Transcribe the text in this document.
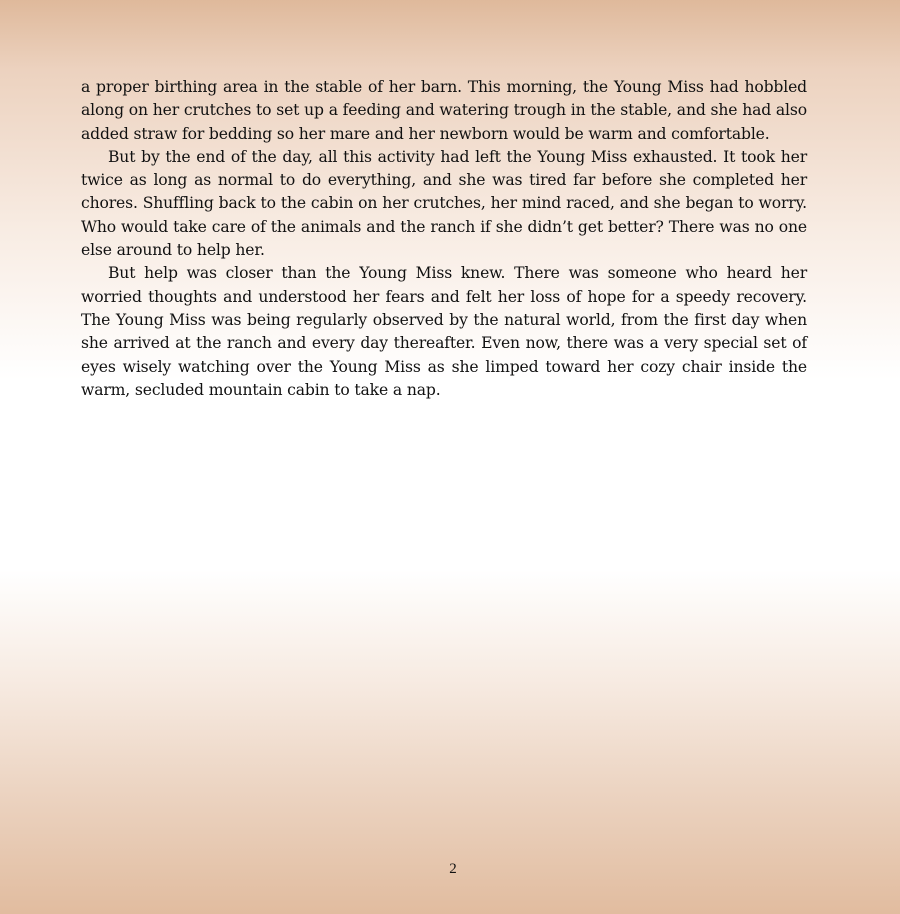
a proper birthing area in the stable of her barn. This morning, the Young Miss had hobbled along on her crutches to set up a feeding and watering trough in the stable, and she had also added straw for bedding so her mare and her newborn would be warm and comfortable.

But by the end of the day, all this activity had left the Young Miss exhausted. It took her twice as long as normal to do everything, and she was tired far before she completed her chores. Shuffling back to the cabin on her crutches, her mind raced, and she began to worry. Who would take care of the animals and the ranch if she didn’t get better? There was no one else around to help her.

But help was closer than the Young Miss knew. There was someone who heard her worried thoughts and understood her fears and felt her loss of hope for a speedy recovery. The Young Miss was being regularly observed by the natural world, from the first day when she arrived at the ranch and every day thereafter. Even now, there was a very special set of eyes wisely watching over the Young Miss as she limped toward her cozy chair inside the warm, secluded mountain cabin to take a nap.

2
